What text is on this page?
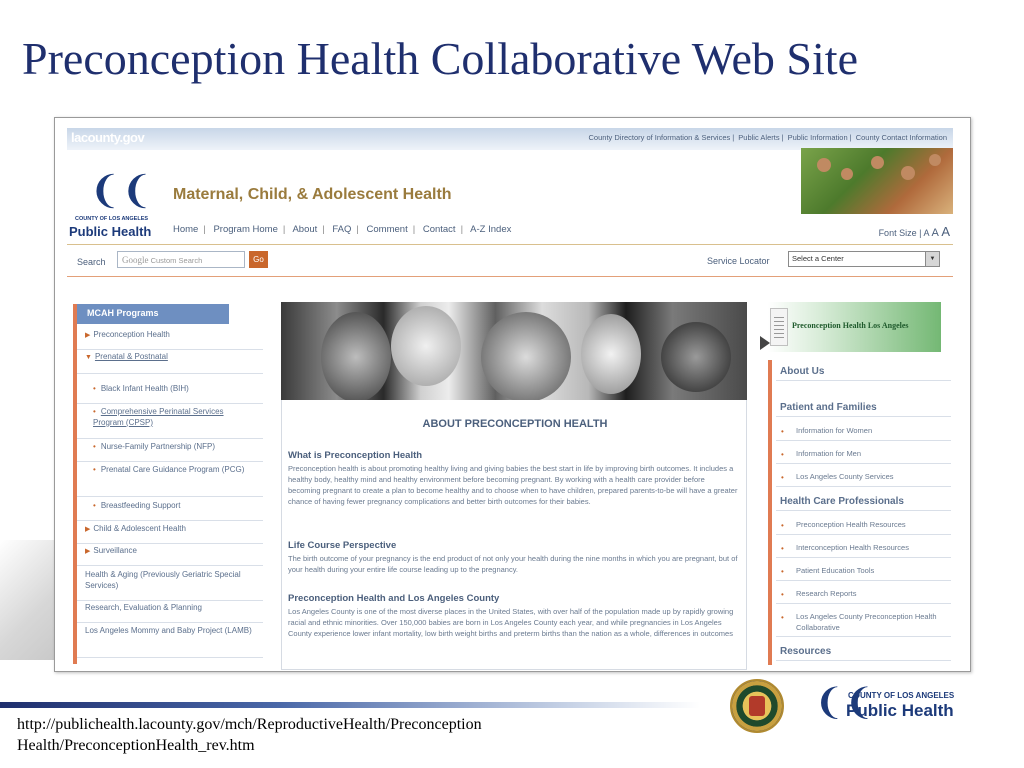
Preconception Health Collaborative Web Site
lacounty.gov	County Directory of Information & Services | Public Alerts | Public Information | County Contact Information
❨❨
COUNTY OF LOS ANGELES
Public Health
Maternal, Child, & Adolescent Health
Home | Program Home | About | FAQ | Comment | Contact | A-Z Index	Font Size | A A A
Search	Google Custom Search	Go	Service Locator	Select a Center	▼
MCAH Programs
▶ Preconception Health
▼ Prenatal & Postnatal
• Black Infant Health (BIH)
• Comprehensive Perinatal Services Program (CPSP)
• Nurse-Family Partnership (NFP)
• Prenatal Care Guidance Program (PCG)
• Breastfeeding Support
▶ Child & Adolescent Health
▶ Surveillance
Health & Aging (Previously Geriatric Special Services)
Research, Evaluation & Planning
Los Angeles Mommy and Baby Project (LAMB)
ABOUT PRECONCEPTION HEALTH
What is Preconception Health
Preconception health is about promoting healthy living and giving babies the best start in life by improving birth outcomes. It includes a healthy body, healthy mind and healthy environment before becoming pregnant. By working with a health care provider before becoming pregnant to create a plan to become healthy and to choose when to have children, prepared parents-to-be will have a greater chance of having fewer pregnancy complications and better birth outcomes for their babies.
Life Course Perspective
The birth outcome of your pregnancy is the end product of not only your health during the nine months in which you are pregnant, but of your health during your entire life course leading up to the pregnancy.
Preconception Health and Los Angeles County
Los Angeles County is one of the most diverse places in the United States, with over half of the population made up by rapidly growing racial and ethnic minorities. Over 150,000 babies are born in Los Angeles County each year, and while pregnancies in Los Angeles County experience lower infant mortality, low birth weight births and preterm births than the nation as a whole, differences in outcomes
Preconception Health Los Angeles
About Us
Patient and Families
• Information for Women
• Information for Men
• Los Angeles County Services
Health Care Professionals
• Preconception Health Resources
• Interconception Health Resources
• Patient Education Tools
• Research Reports
• Los Angeles County Preconception Health Collaborative
Resources
http://publichealth.lacounty.gov/mch/ReproductiveHealth/Preconception
Health/PreconceptionHealth_rev.htm
❨❨
COUNTY OF LOS ANGELES
Public Health
